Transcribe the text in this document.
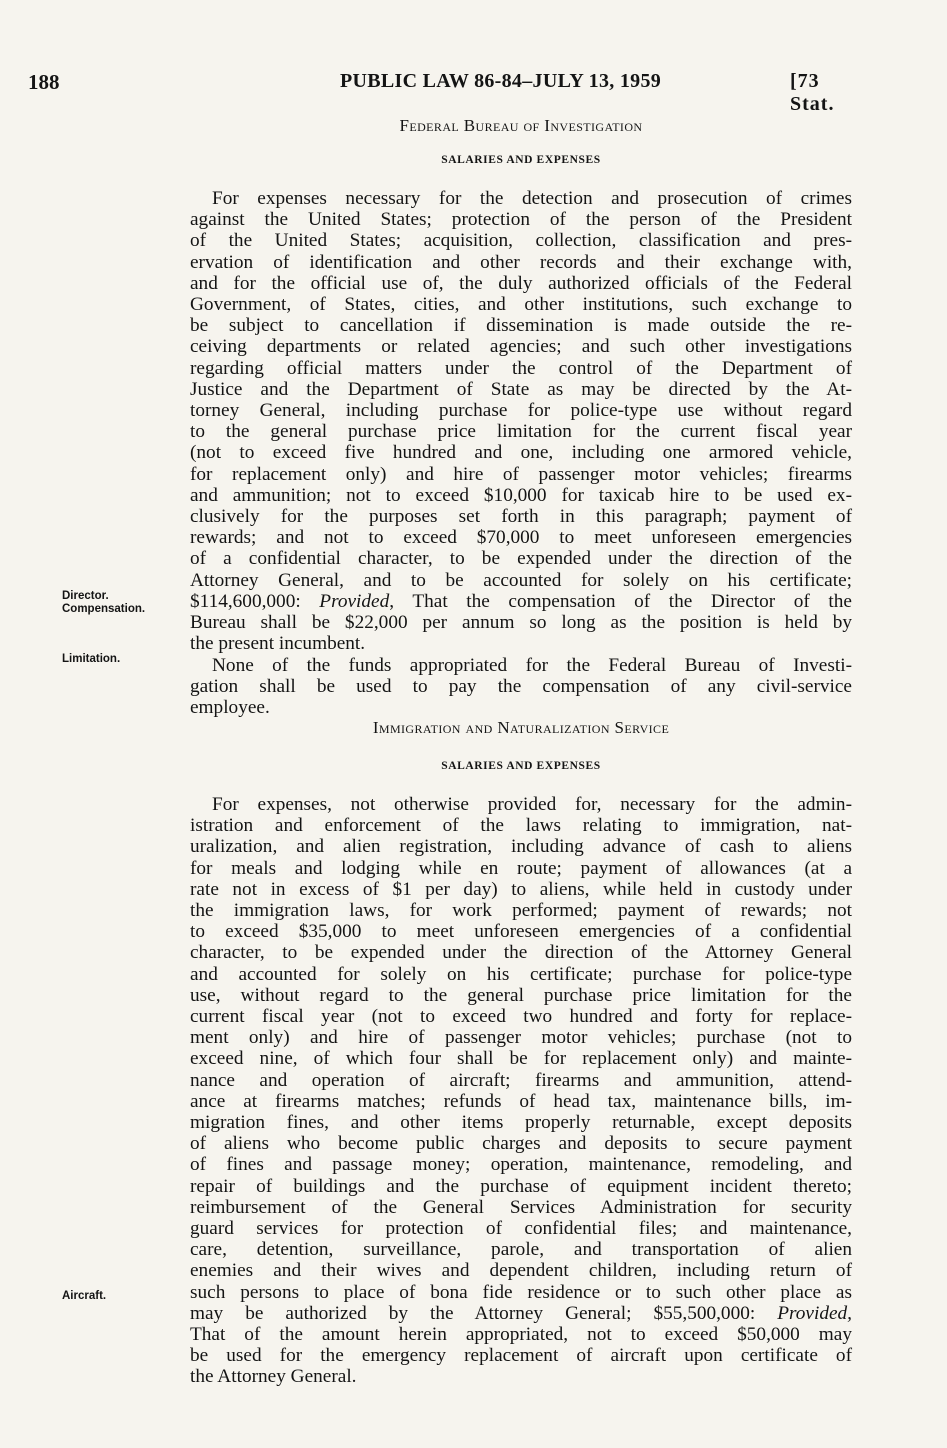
188	PUBLIC LAW 86-84–JULY 13, 1959	[73 Stat.
Federal Bureau of Investigation
SALARIES AND EXPENSES
For expenses necessary for the detection and prosecution of crimes
against the United States; protection of the person of the President
of the United States; acquisition, collection, classification and pres-
ervation of identification and other records and their exchange with,
and for the official use of, the duly authorized officials of the Federal
Government, of States, cities, and other institutions, such exchange to
be subject to cancellation if dissemination is made outside the re-
ceiving departments or related agencies; and such other investigations
regarding official matters under the control of the Department of
Justice and the Department of State as may be directed by the At-
torney General, including purchase for police-type use without regard
to the general purchase price limitation for the current fiscal year
(not to exceed five hundred and one, including one armored vehicle,
for replacement only) and hire of passenger motor vehicles; firearms
and ammunition; not to exceed $10,000 for taxicab hire to be used ex-
clusively for the purposes set forth in this paragraph; payment of
rewards; and not to exceed $70,000 to meet unforeseen emergencies
of a confidential character, to be expended under the direction of the
Attorney General, and to be accounted for solely on his certificate;
$114,600,000: Provided, That the compensation of the Director of the
Bureau shall be $22,000 per annum so long as the position is held by
the present incumbent.
None of the funds appropriated for the Federal Bureau of Investi-
gation shall be used to pay the compensation of any civil-service
employee.
Director.
Compensation.
Limitation.
Immigration and Naturalization Service
SALARIES AND EXPENSES
For expenses, not otherwise provided for, necessary for the admin-
istration and enforcement of the laws relating to immigration, nat-
uralization, and alien registration, including advance of cash to aliens
for meals and lodging while en route; payment of allowances (at a
rate not in excess of $1 per day) to aliens, while held in custody under
the immigration laws, for work performed; payment of rewards; not
to exceed $35,000 to meet unforeseen emergencies of a confidential
character, to be expended under the direction of the Attorney General
and accounted for solely on his certificate; purchase for police-type
use, without regard to the general purchase price limitation for the
current fiscal year (not to exceed two hundred and forty for replace-
ment only) and hire of passenger motor vehicles; purchase (not to
exceed nine, of which four shall be for replacement only) and mainte-
nance and operation of aircraft; firearms and ammunition, attend-
ance at firearms matches; refunds of head tax, maintenance bills, im-
migration fines, and other items properly returnable, except deposits
of aliens who become public charges and deposits to secure payment
of fines and passage money; operation, maintenance, remodeling, and
repair of buildings and the purchase of equipment incident thereto;
reimbursement of the General Services Administration for security
guard services for protection of confidential files; and maintenance,
care, detention, surveillance, parole, and transportation of alien
enemies and their wives and dependent children, including return of
such persons to place of bona fide residence or to such other place as
may be authorized by the Attorney General; $55,500,000: Provided,
That of the amount herein appropriated, not to exceed $50,000 may
be used for the emergency replacement of aircraft upon certificate of
the Attorney General.
Aircraft.
